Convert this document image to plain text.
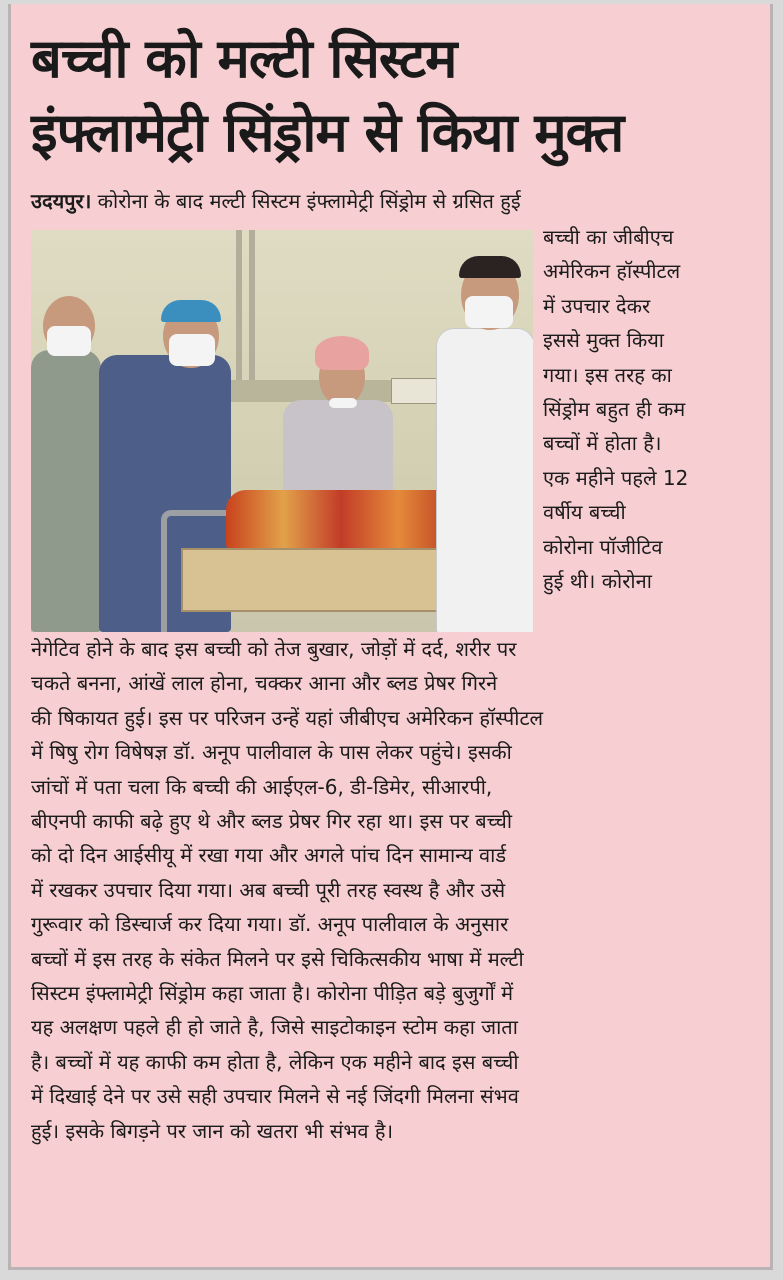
बच्ची को मल्टी सिस्टम
इंफ्लामेट्री सिंड्रोम से किया मुक्त
उदयपुर। कोरोना के बाद मल्टी सिस्टम इंफ्लामेट्री सिंड्रोम से ग्रसित हुई
बच्ची का जीबीएच
अमेरिकन हॉस्पीटल
में उपचार देकर
इससे मुक्त किया
गया। इस तरह का
सिंड्रोम बहुत ही कम
बच्चों में होता है।
एक महीने पहले 12
वर्षीय बच्ची
कोरोना पॉजीटिव
हुई थी। कोरोना
नेगेटिव होने के बाद इस बच्ची को तेज बुखार, जोड़ों में दर्द, शरीर पर
चकते बनना, आंखें लाल होना, चक्कर आना और ब्लड प्रेषर गिरने
की षिकायत हुई। इस पर परिजन उन्हें यहां जीबीएच अमेरिकन हॉस्पीटल
में षिषु रोग विषेषज्ञ डॉ. अनूप पालीवाल के पास लेकर पहुंचे। इसकी
जांचों में पता चला कि बच्ची की आईएल-6, डी-डिमेर, सीआरपी,
बीएनपी काफी बढ़े हुए थे और ब्लड प्रेषर गिर रहा था। इस पर बच्ची
को दो दिन आईसीयू में रखा गया और अगले पांच दिन सामान्य वार्ड
में रखकर उपचार दिया गया। अब बच्ची पूरी तरह स्वस्थ है और उसे
गुरूवार को डिस्चार्ज कर दिया गया। डॉ. अनूप पालीवाल के अनुसार
बच्चों में इस तरह के संकेत मिलने पर इसे चिकित्सकीय भाषा में मल्टी
सिस्टम इंफ्लामेट्री सिंड्रोम कहा जाता है। कोरोना पीड़ित बड़े बुजुर्गों में
यह अलक्षण पहले ही हो जाते है, जिसे साइटोकाइन स्टोम कहा जाता
है। बच्चों में यह काफी कम होता है, लेकिन एक महीने बाद इस बच्ची
में दिखाई देने पर उसे सही उपचार मिलने से नई जिंदगी मिलना संभव
हुई। इसके बिगड़ने पर जान को खतरा भी संभव है।
